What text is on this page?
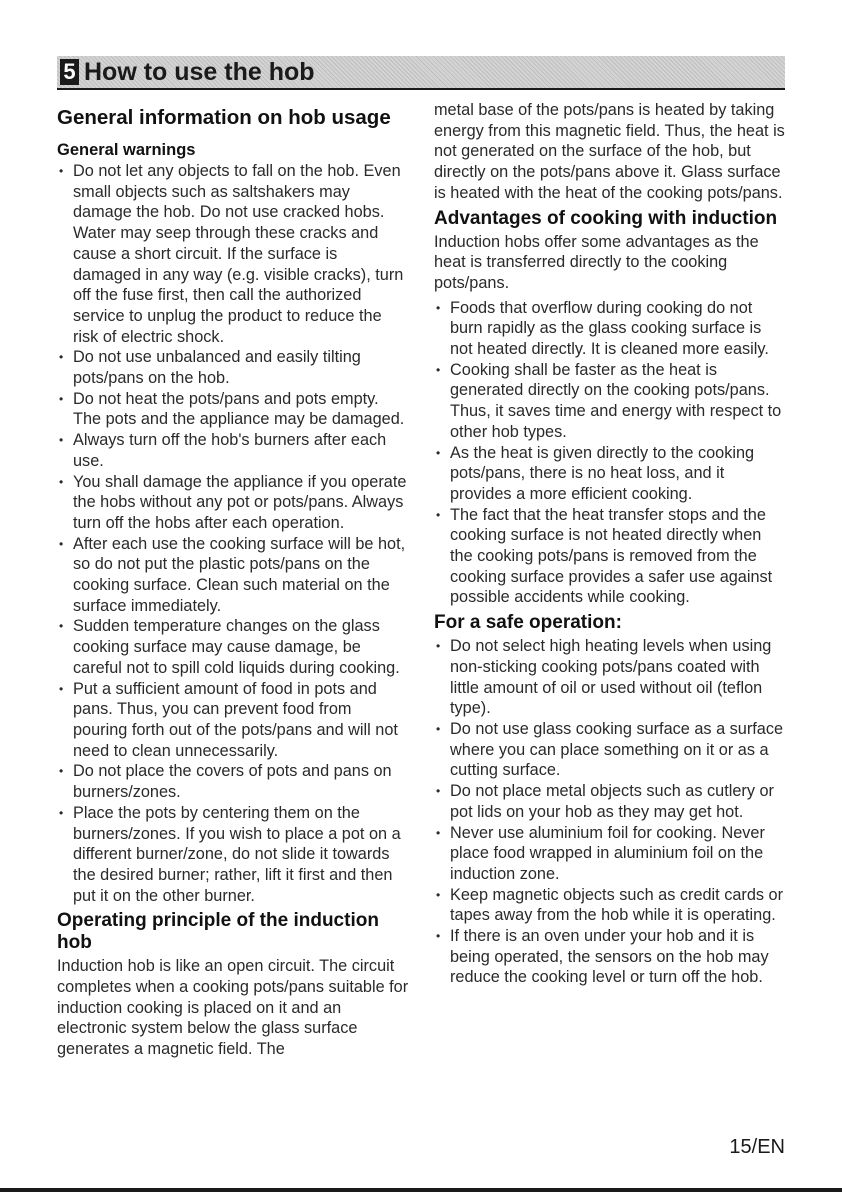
5 How to use the hob
General information on hob usage
General warnings
• Do not let any objects to fall on the hob. Even small objects such as saltshakers may damage the hob. Do not use cracked hobs. Water may seep through these cracks and cause a short circuit. If the surface is damaged in any way (e.g. visible cracks), turn off the fuse first, then call the authorized service to unplug the product to reduce the risk of electric shock.
• Do not use unbalanced and easily tilting pots/pans on the hob.
• Do not heat the pots/pans and pots empty. The pots and the appliance may be damaged.
• Always turn off the hob's burners after each use.
• You shall damage the appliance if you operate the hobs without any pot or pots/pans. Always turn off the hobs after each operation.
• After each use the cooking surface will be hot, so do not put the plastic pots/pans on the cooking surface. Clean such material on the surface immediately.
• Sudden temperature changes on the glass cooking surface may cause damage, be careful not to spill cold liquids during cooking.
• Put a sufficient amount of food in pots and pans. Thus, you can prevent food from pouring forth out of the pots/pans and will not need to clean unnecessarily.
• Do not place the covers of pots and pans on burners/zones.
• Place the pots by centering them on the burners/zones. If you wish to place a pot on a different burner/zone, do not slide it towards the desired burner; rather, lift it first and then put it on the other burner.
Operating principle of the induction hob

Induction hob is like an open circuit. The circuit completes when a cooking pots/pans suitable for induction cooking is placed on it and an electronic system below the glass surface generates a magnetic field. The

metal base of the pots/pans is heated by taking energy from this magnetic field. Thus, the heat is not generated on the surface of the hob, but directly on the pots/pans above it. Glass surface is heated with the heat of the cooking pots/pans.

Advantages of cooking with induction

Induction hobs offer some advantages as the heat is transferred directly to the cooking pots/pans.

• Foods that overflow during cooking do not burn rapidly as the glass cooking surface is not heated directly. It is cleaned more easily.
• Cooking shall be faster as the heat is generated directly on the cooking pots/pans. Thus, it saves time and energy with respect to other hob types.
• As the heat is given directly to the cooking pots/pans, there is no heat loss, and it provides a more efficient cooking.
• The fact that the heat transfer stops and the cooking surface is not heated directly when the cooking pots/pans is removed from the cooking surface provides a safer use against possible accidents while cooking.
For a safe operation:
• Do not select high heating levels when using non-sticking cooking pots/pans coated with little amount of oil or used without oil (teflon type).
• Do not use glass cooking surface as a surface where you can place something on it or as a cutting surface.
• Do not place metal objects such as cutlery or pot lids on your hob as they may get hot.
• Never use aluminium foil for cooking. Never place food wrapped in aluminium foil on the induction zone.
• Keep magnetic objects such as credit cards or tapes away from the hob while it is operating.
• If there is an oven under your hob and it is being operated, the sensors on the hob may reduce the cooking level or turn off the hob.
15/EN
